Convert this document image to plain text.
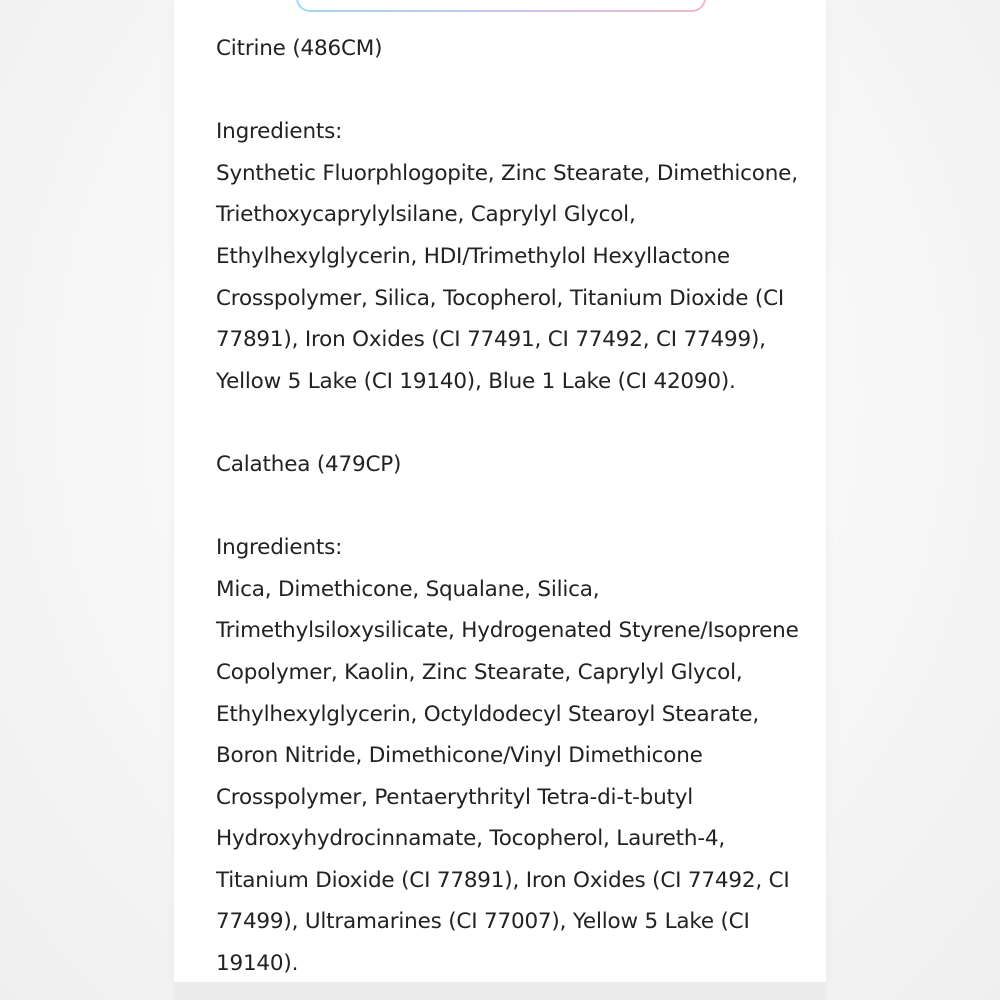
Citrine (486CM)
Ingredients:
Synthetic Fluorphlogopite, Zinc Stearate, Dimethicone,
Triethoxycaprylylsilane, Caprylyl Glycol,
Ethylhexylglycerin, HDI/Trimethylol Hexyllactone
Crosspolymer, Silica, Tocopherol, Titanium Dioxide (CI
77891), Iron Oxides (CI 77491, CI 77492, CI 77499),
Yellow 5 Lake (CI 19140), Blue 1 Lake (CI 42090).
Calathea (479CP)
Ingredients:
Mica, Dimethicone, Squalane, Silica,
Trimethylsiloxysilicate, Hydrogenated Styrene/Isoprene
Copolymer, Kaolin, Zinc Stearate, Caprylyl Glycol,
Ethylhexylglycerin, Octyldodecyl Stearoyl Stearate,
Boron Nitride, Dimethicone/Vinyl Dimethicone
Crosspolymer, Pentaerythrityl Tetra-di-t-butyl
Hydroxyhydrocinnamate, Tocopherol, Laureth-4,
Titanium Dioxide (CI 77891), Iron Oxides (CI 77492, CI
77499), Ultramarines (CI 77007), Yellow 5 Lake (CI
19140).
